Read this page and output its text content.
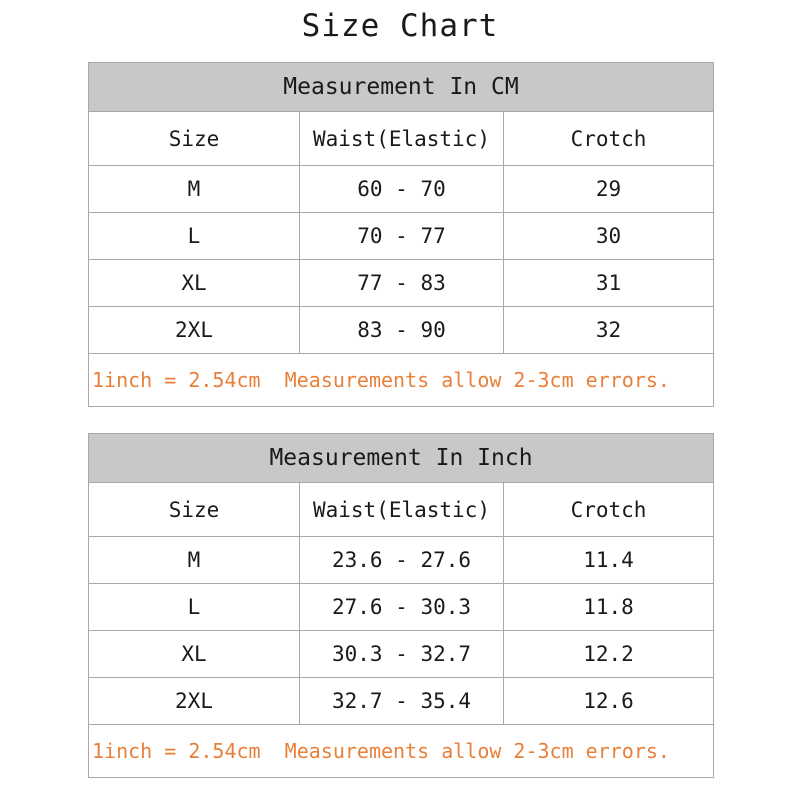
Size Chart
Measurement In CM		
Size	Waist(Elastic)	Crotch
M	60 - 70	29
L	70 - 77	30
XL	77 - 83	31
2XL	83 - 90	32
1inch = 2.54cm  Measurements allow 2-3cm errors.		
Measurement In Inch		
Size	Waist(Elastic)	Crotch
M	23.6 - 27.6	11.4
L	27.6 - 30.3	11.8
XL	30.3 - 32.7	12.2
2XL	32.7 - 35.4	12.6
1inch = 2.54cm  Measurements allow 2-3cm errors.		
